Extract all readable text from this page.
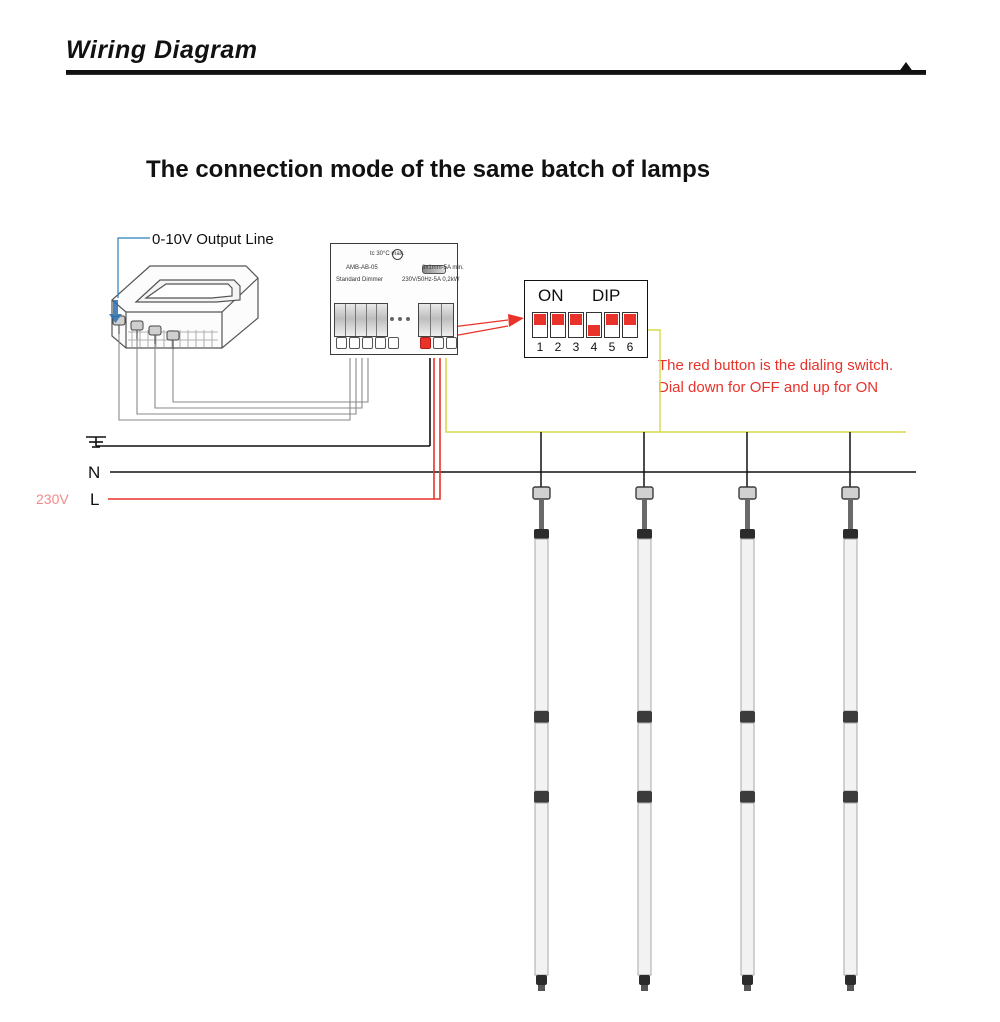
Wiring Diagram
The connection mode of the same batch of lamps
0-10V Output Line
N
L
230V
The red button is the dialing switch.
Dial down for OFF and up for ON
tc 30°C max.
AMB-AB-05
Standard Dimmer
8x1mm-5A min.
230V/50Hz-5A 0,2kW
ON DIP
1 2 3 4 5 6
